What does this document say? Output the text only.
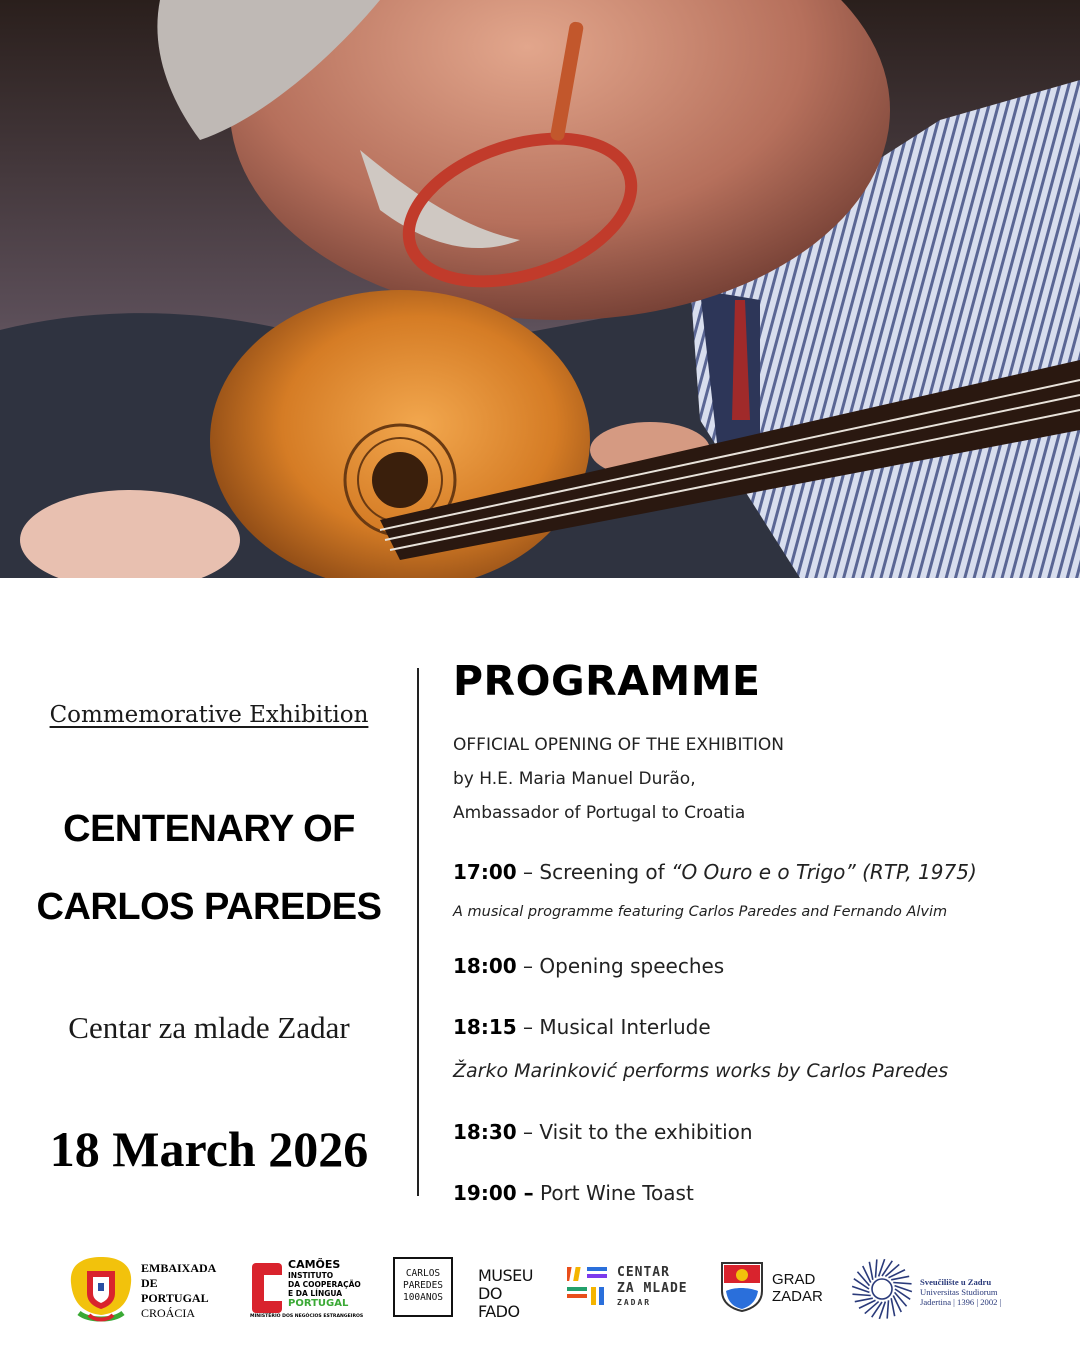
Commemorative Exhibition
CENTENARY OF
CARLOS PAREDES
Centar za mlade Zadar
18 March 2026
PROGRAMME
OFFICIAL OPENING OF THE EXHIBITION
by H.E. Maria Manuel Durão,
Ambassador of Portugal to Croatia
17:00 – Screening of “O Ouro e o Trigo” (RTP, 1975)
A musical programme featuring Carlos Paredes and Fernando Alvim
18:00 – Opening speeches
18:15 – Musical Interlude
Žarko Marinković performs works by Carlos Paredes
18:30 – Visit to the exhibition
19:00 – Port Wine Toast
EMBAIXADA
DE PORTUGAL
CROÁCIA
CAMÕES
INSTITUTO
DA COOPERAÇÃO
E DA LÍNGUA
PORTUGAL
MINISTÉRIO DOS NEGÓCIOS ESTRANGEIROS
CARLOS
PAREDES
100ANOS
MUSEU
DO FADO
CENTAR
ZA MLADE
ZADAR
GRAD
ZADAR
Sveučilište u Zadru
Universitas Studiorum
Jadertina | 1396 | 2002 |
